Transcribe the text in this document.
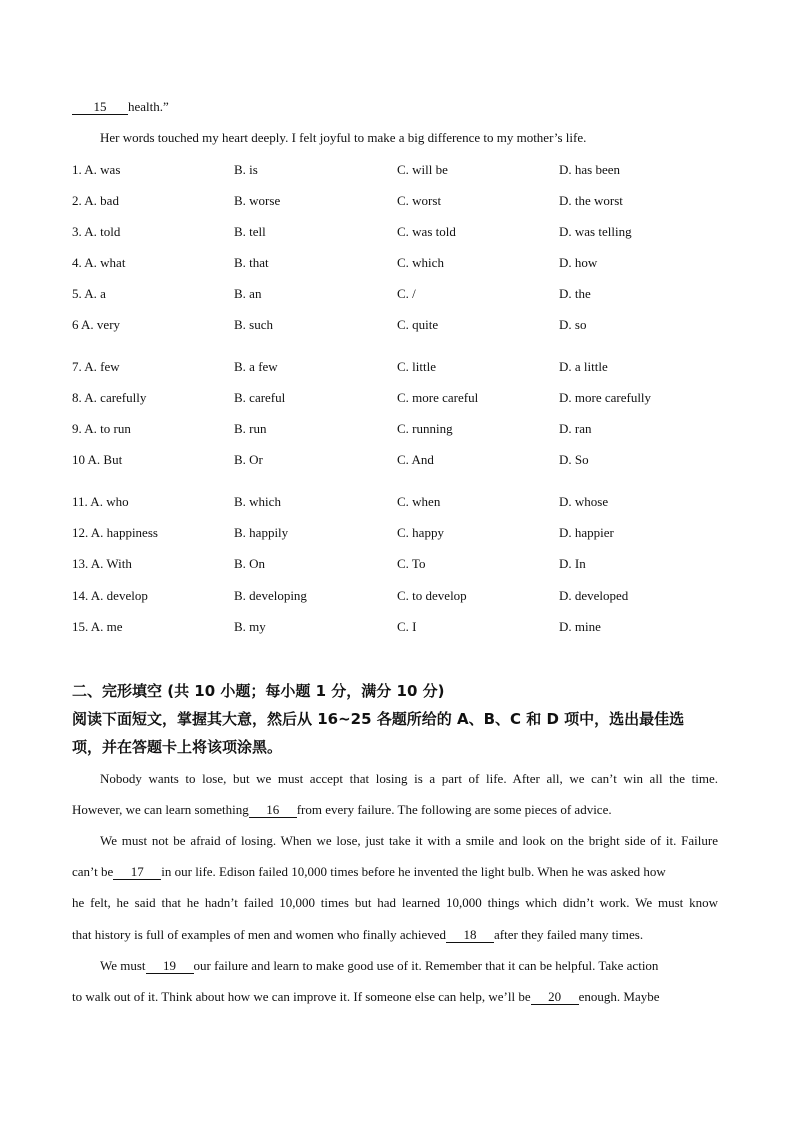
15 health.”
Her words touched my heart deeply. I felt joyful to make a big difference to my mother’s life.
1. A. was	B. is	C. will be	D. has been
2. A. bad	B. worse	C. worst	D. the worst
3. A. told	B. tell	C. was told	D. was telling
4. A. what	B. that	C. which	D. how
5. A. a	B. an	C. /	D. the
6 A. very	B. such	C. quite	D. so
7. A. few	B. a few	C. little	D. a little
8. A. carefully	B. careful	C. more careful	D. more carefully
9. A. to run	B. run	C. running	D. ran
10 A. But	B. Or	C. And	D. So
11. A. who	B. which	C. when	D. whose
12. A. happiness	B. happily	C. happy	D. happier
13. A. With	B. On	C. To	D. In
14. A. develop	B. developing	C. to develop	D. developed
15. A. me	B. my	C. I	D. mine
二、完形填空 (共 10 小题；每小题 1 分，满分 10 分)
阅读下面短文，掌握其大意，然后从 16~25 各题所给的 A、B、C 和 D 项中，选出最佳选
项，并在答题卡上将该项涂黑。
Nobody wants to lose, but we must accept that losing is a part of life. After all, we can’t win all the time.
However, we can learn something 16 from every failure. The following are some pieces of advice.
We must not be afraid of losing. When we lose, just take it with a smile and look on the bright side of it. Failure
can’t be 17 in our life. Edison failed 10,000 times before he invented the light bulb. When he was asked how
he felt, he said that he hadn’t failed 10,000 times but had learned 10,000 things which didn’t work. We must know
that history is full of examples of men and women who finally achieved 18 after they failed many times.
We must 19 our failure and learn to make good use of it. Remember that it can be helpful. Take action
to walk out of it. Think about how we can improve it. If someone else can help, we’ll be 20 enough. Maybe
